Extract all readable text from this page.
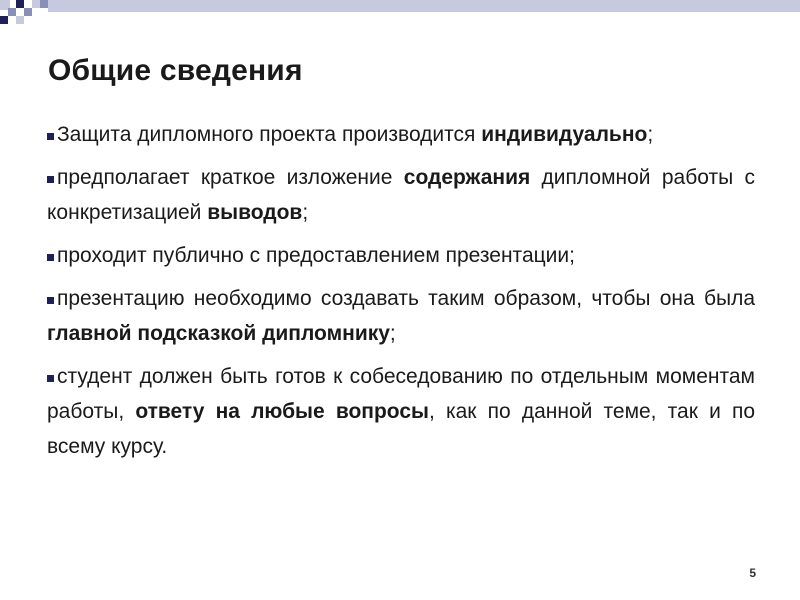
Общие сведения

Защита дипломного проекта производится индивидуально;

предполагает краткое изложение содержания дипломной работы с конкретизацией выводов;

проходит публично с предоставлением презентации;

презентацию необходимо создавать таким образом, чтобы она была главной подсказкой дипломнику;

студент должен быть готов к собеседованию по отдельным моментам работы, ответу на любые вопросы, как по данной теме, так и по всему курсу.

5
